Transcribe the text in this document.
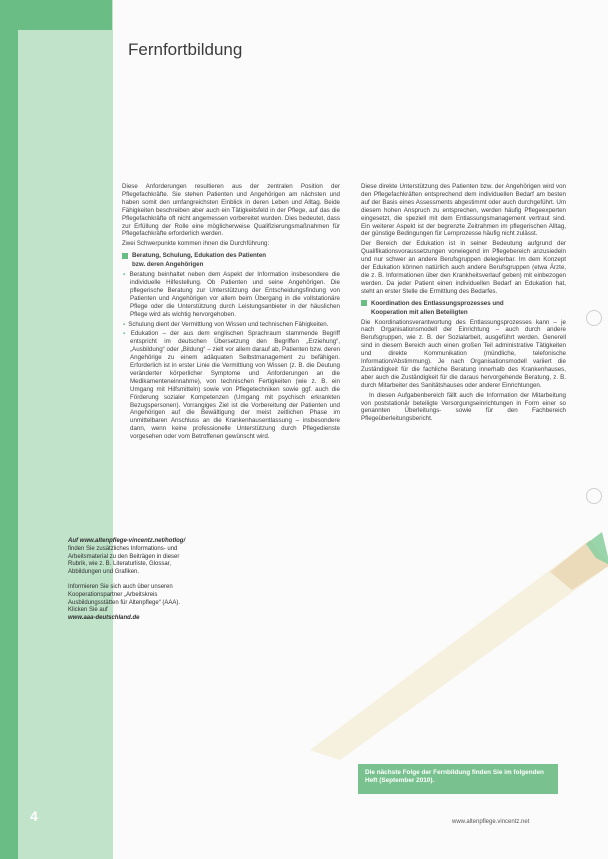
Fernfortbildung

Diese Anforderungen resultieren aus der zentralen Position der Pflegefachkräfte. Sie stehen Patienten und Angehörigen am nächsten und haben somit den umfangreichsten Einblick in deren Leben und Alltag. Beide Fähigkeiten beschreiben aber auch ein Tätigkeitsfeld in der Pflege, auf das die Pflegefachkräfte oft nicht angemessen vorbereitet wurden. Dies bedeutet, dass zur Erfüllung der Rolle eine möglicherweise Qualifizierungsmaßnahmen für Pflegefachkräfte erforderlich werden.

Zwei Schwerpunkte kommen ihnen die Durchführung:

Beratung, Schulung, Edukation des Patienten
bzw. deren Angehörigen

▪ Beratung beinhaltet neben dem Aspekt der Information insbesondere die individuelle Hilfestellung. Ob Patienten und seine Angehörigen. Die pflegerische Beratung zur Unterstützung der Entscheidungsfindung von Patienten und Angehörigen vor allem beim Übergang in die vollstationäre Pflege oder die Unterstützung durch Leistungsanbieter in der häuslichen Pflege wird als wichtig hervorgehoben.

▪ Schulung dient der Vermittlung von Wissen und technischen Fähigkeiten.

▪ Edukation – der aus dem englischen Sprachraum stammende Begriff entspricht im deutschen Übersetzung den Begriffen „Erziehung“, „Ausbildung“ oder „Bildung“ – zielt vor allem darauf ab, Patienten bzw. deren Angehörige zu einem adäquaten Selbstmanagement zu befähigen. Erforderlich ist in erster Linie die Vermittlung von Wissen (z. B. die Deutung veränderter körperlicher Symptome und Anforderungen an die Medikamenteneinnahme), von technischen Fertigkeiten (wie z. B. ein Umgang mit Hilfsmitteln) sowie von Pflegetechniken sowie ggf. auch die Förderung sozialer Kompetenzen (Umgang mit psychisch erkrankten Bezugspersonen). Vorrangiges Ziel ist die Vorbereitung der Patienten und Angehörigen auf die Bewältigung der meist zeitlichen Phase im unmittelbaren Anschluss an die Krankenhausentlassung – insbesondere dann, wenn keine professionelle Unterstützung durch Pflegedienste vorgesehen oder vom Betroffenen gewünscht wird.

Diese direkte Unterstützung des Patienten bzw. der Angehörigen wird von den Pflegefachkräften entsprechend dem individuellen Bedarf am besten auf der Basis eines Assessments abgestimmt oder auch durchgeführt. Um diesem hohen Anspruch zu entsprechen, werden häufig Pflegeexperten eingesetzt, die speziell mit dem Entlassungsmanagement vertraut sind. Ein weiterer Aspekt ist der begrenzte Zeitrahmen im pflegerischen Alltag, der günstige Bedingungen für Lernprozesse häufig nicht zulässt.

Der Bereich der Edukation ist in seiner Bedeutung aufgrund der Qualifikationsvoraussetzungen vorwiegend im Pflegebereich anzusiedeln und nur schwer an andere Berufsgruppen delegierbar. Im dem Konzept der Edukation können natürlich auch andere Berufsgruppen (etwa Ärzte, die z. B. Informationen über den Krankheitsverlauf geben) mit einbezogen werden. Da jeder Patient einen individuellen Bedarf an Edukation hat, steht an erster Stelle die Ermittlung des Bedarfes.

Koordination des Entlassungsprozesses und
Kooperation mit allen Beteiligten

Die Koordinationsverantwortung des Entlassungsprozesses kann – je nach Organisationsmodell der Einrichtung – auch durch andere Berufsgruppen, wie z. B. der Sozialarbeit, ausgeführt werden. Generell sind in diesem Bereich auch einen großen Teil administrative Tätigkeiten und direkte Kommunikation (mündliche, telefonische Information/Abstimmung). Je nach Organisationsmodell variiert die Zuständigkeit für die fachliche Beratung innerhalb des Krankenhauses, aber auch die Zuständigkeit für die daraus hervorgehende Beratung, z. B. durch Mitarbeiter des Sanitätshauses oder anderer Einrichtungen.

In diesen Aufgabenbereich fällt auch die Information der Mitarbeitung von poststationär beteiligte Versorgungseinrichtungen in Form einer so genannten Überleitungs- sowie für den Fachbereich Pflegeüberleitungsbericht.

Auf www.altenpflege-vincentz.net/hotlog/ finden Sie zusätzliches Informations- und Arbeitsmaterial zu den Beiträgen in dieser Rubrik, wie z. B. Literaturliste, Glossar, Abbildungen und Grafiken.

Informieren Sie sich auch über unseren Kooperationspartner „Arbeitskreis Ausbildungsstätten für Altenpflege“ (AAA). Klicken Sie auf
www.aaa-deutschland.de

Die nächste Folge der Fernbildung finden Sie im folgenden Heft (September 2010).
4	www.altenpflege.vincentz.net
